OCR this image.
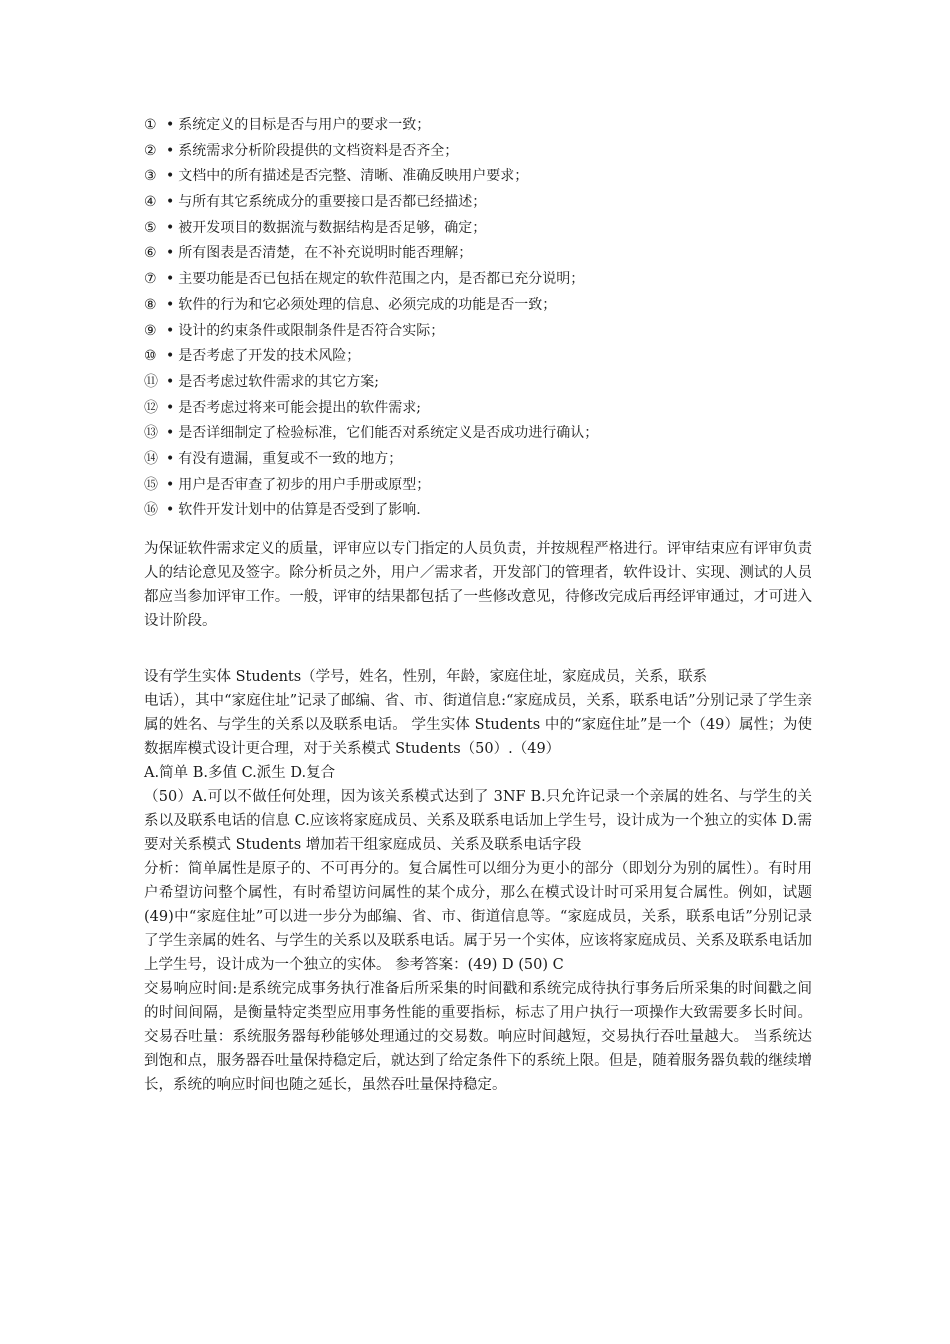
① • 系统定义的目标是否与用户的要求一致；
② • 系统需求分析阶段提供的文档资料是否齐全；
③ • 文档中的所有描述是否完整、清晰、准确反映用户要求；
④ • 与所有其它系统成分的重要接口是否都已经描述；
⑤ • 被开发项目的数据流与数据结构是否足够，确定；
⑥ • 所有图表是否清楚，在不补充说明时能否理解；
⑦ • 主要功能是否已包括在规定的软件范围之内，是否都已充分说明；
⑧ • 软件的行为和它必须处理的信息、必须完成的功能是否一致；
⑨ • 设计的约束条件或限制条件是否符合实际；
⑩ • 是否考虑了开发的技术风险；
⑪ • 是否考虑过软件需求的其它方案;
⑫ • 是否考虑过将来可能会提出的软件需求;
⑬ • 是否详细制定了检验标准，它们能否对系统定义是否成功进行确认；
⑭ • 有没有遗漏，重复或不一致的地方；
⑮ • 用户是否审查了初步的用户手册或原型；
⑯ • 软件开发计划中的估算是否受到了影响.
为保证软件需求定义的质量，评审应以专门指定的人员负责，并按规程严格进行。评审结束应有评审负责人的结论意见及签字。除分析员之外，用户／需求者，开发部门的管理者，软件设计、实现、测试的人员都应当参加评审工作。一般，评审的结果都包括了一些修改意见，待修改完成后再经评审通过，才可进入设计阶段。
设有学生实体 Students（学号，姓名，性别，年龄，家庭住址，家庭成员，关系，联系
电话），其中“家庭住址”记录了邮编、省、市、街道信息:“家庭成员，关系，联系电话”分别记录了学生亲属的姓名、与学生的关系以及联系电话。 学生实体 Students 中的“家庭住址”是一个（49）属性；为使数据库模式设计更合理，对于关系模式 Students（50）.（49）
A.简单 B.多值 C.派生 D.复合
（50）A.可以不做任何处理，因为该关系模式达到了 3NF B.只允许记录一个亲属的姓名、与学生的关系以及联系电话的信息 C.应该将家庭成员、关系及联系电话加上学生号，设计成为一个独立的实体 D.需要对关系模式 Students 增加若干组家庭成员、关系及联系电话字段
分析：简单属性是原子的、不可再分的。复合属性可以细分为更小的部分（即划分为别的属性）。有时用户希望访问整个属性，有时希望访问属性的某个成分，那么在模式设计时可采用复合属性。例如，试题(49)中“家庭住址”可以进一步分为邮编、省、市、街道信息等。“家庭成员，关系，联系电话”分别记录了学生亲属的姓名、与学生的关系以及联系电话。属于另一个实体，应该将家庭成员、关系及联系电话加上学生号，设计成为一个独立的实体。 参考答案：(49) D (50) C
交易响应时间:是系统完成事务执行准备后所采集的时间戳和系统完成待执行事务后所采集的时间戳之间的时间间隔，是衡量特定类型应用事务性能的重要指标，标志了用户执行一项操作大致需要多长时间。 交易吞吐量：系统服务器每秒能够处理通过的交易数。响应时间越短，交易执行吞吐量越大。 当系统达到饱和点，服务器吞吐量保持稳定后，就达到了给定条件下的系统上限。但是，随着服务器负载的继续增长，系统的响应时间也随之延长，虽然吞吐量保持稳定。
